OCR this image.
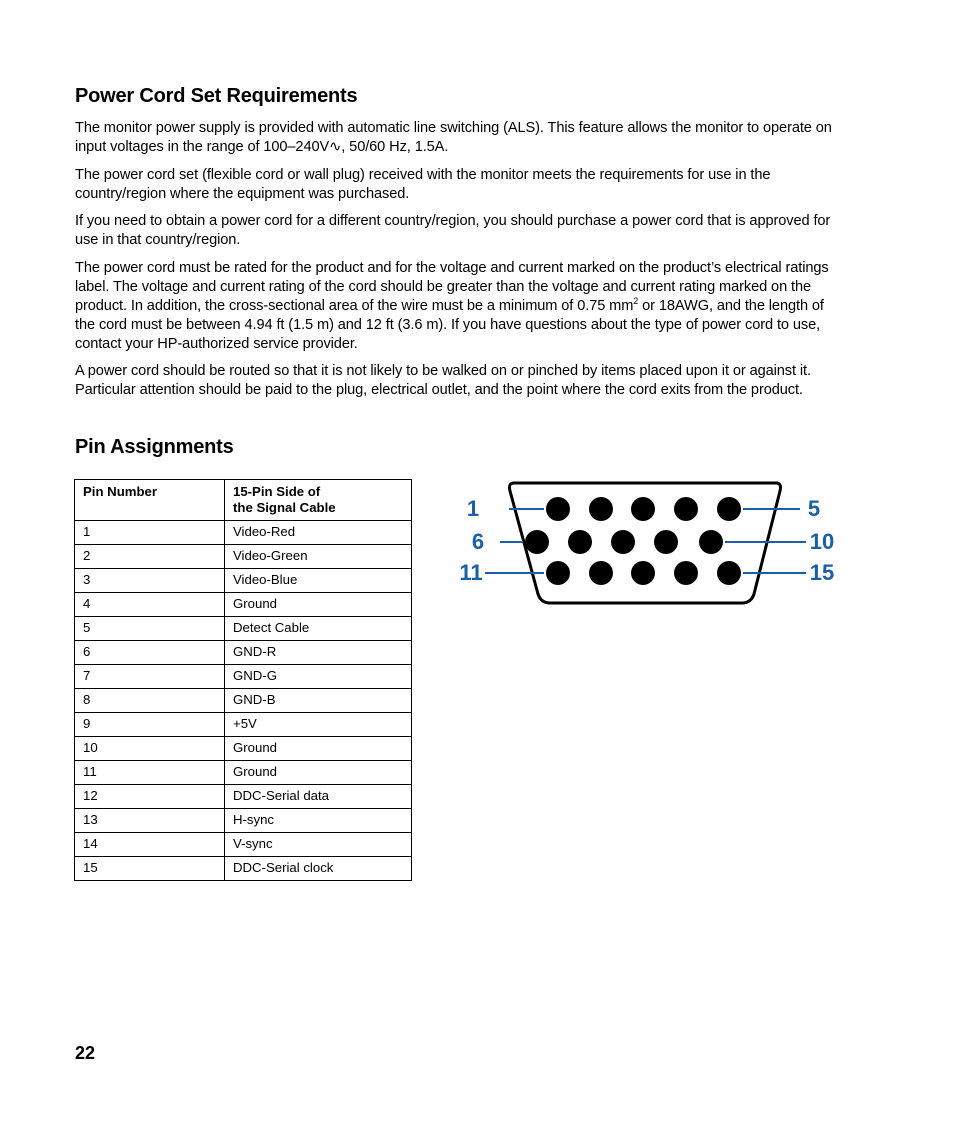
Power Cord Set Requirements

The monitor power supply is provided with automatic line switching (ALS). This feature allows the monitor to operate on input voltages in the range of 100–240V∿, 50/60 Hz, 1.5A.

The power cord set (flexible cord or wall plug) received with the monitor meets the requirements for use in the country/region where the equipment was purchased.

If you need to obtain a power cord for a different country/region, you should purchase a power cord that is approved for use in that country/region.

The power cord must be rated for the product and for the voltage and current marked on the product’s electrical ratings label. The voltage and current rating of the cord should be greater than the voltage and current rating marked on the product. In addition, the cross-sectional area of the wire must be a minimum of 0.75 $mm^2$ or 18AWG, and the length of the cord must be between 4.94 ft (1.5 m) and 12 ft (3.6 m). If you have questions about the type of power cord to use, contact your HP-authorized service provider.

A power cord should be routed so that it is not likely to be walked on or pinched by items placed upon it or against it. Particular attention should be paid to the plug, electrical outlet, and the point where the cord exits from the product.

Pin Assignments
Pin Number	15-Pin Side of
the Signal Cable

1	Video-Red
2	Video-Green
3	Video-Blue
4	Ground
5	Detect Cable
6	GND-R
7	GND-G
8	GND-B
9	+5V
10	Ground
11	Ground
12	DDC-Serial data
13	H-sync
14	V-sync
15	DDC-Serial clock
1
6
11
5
10
15
22
